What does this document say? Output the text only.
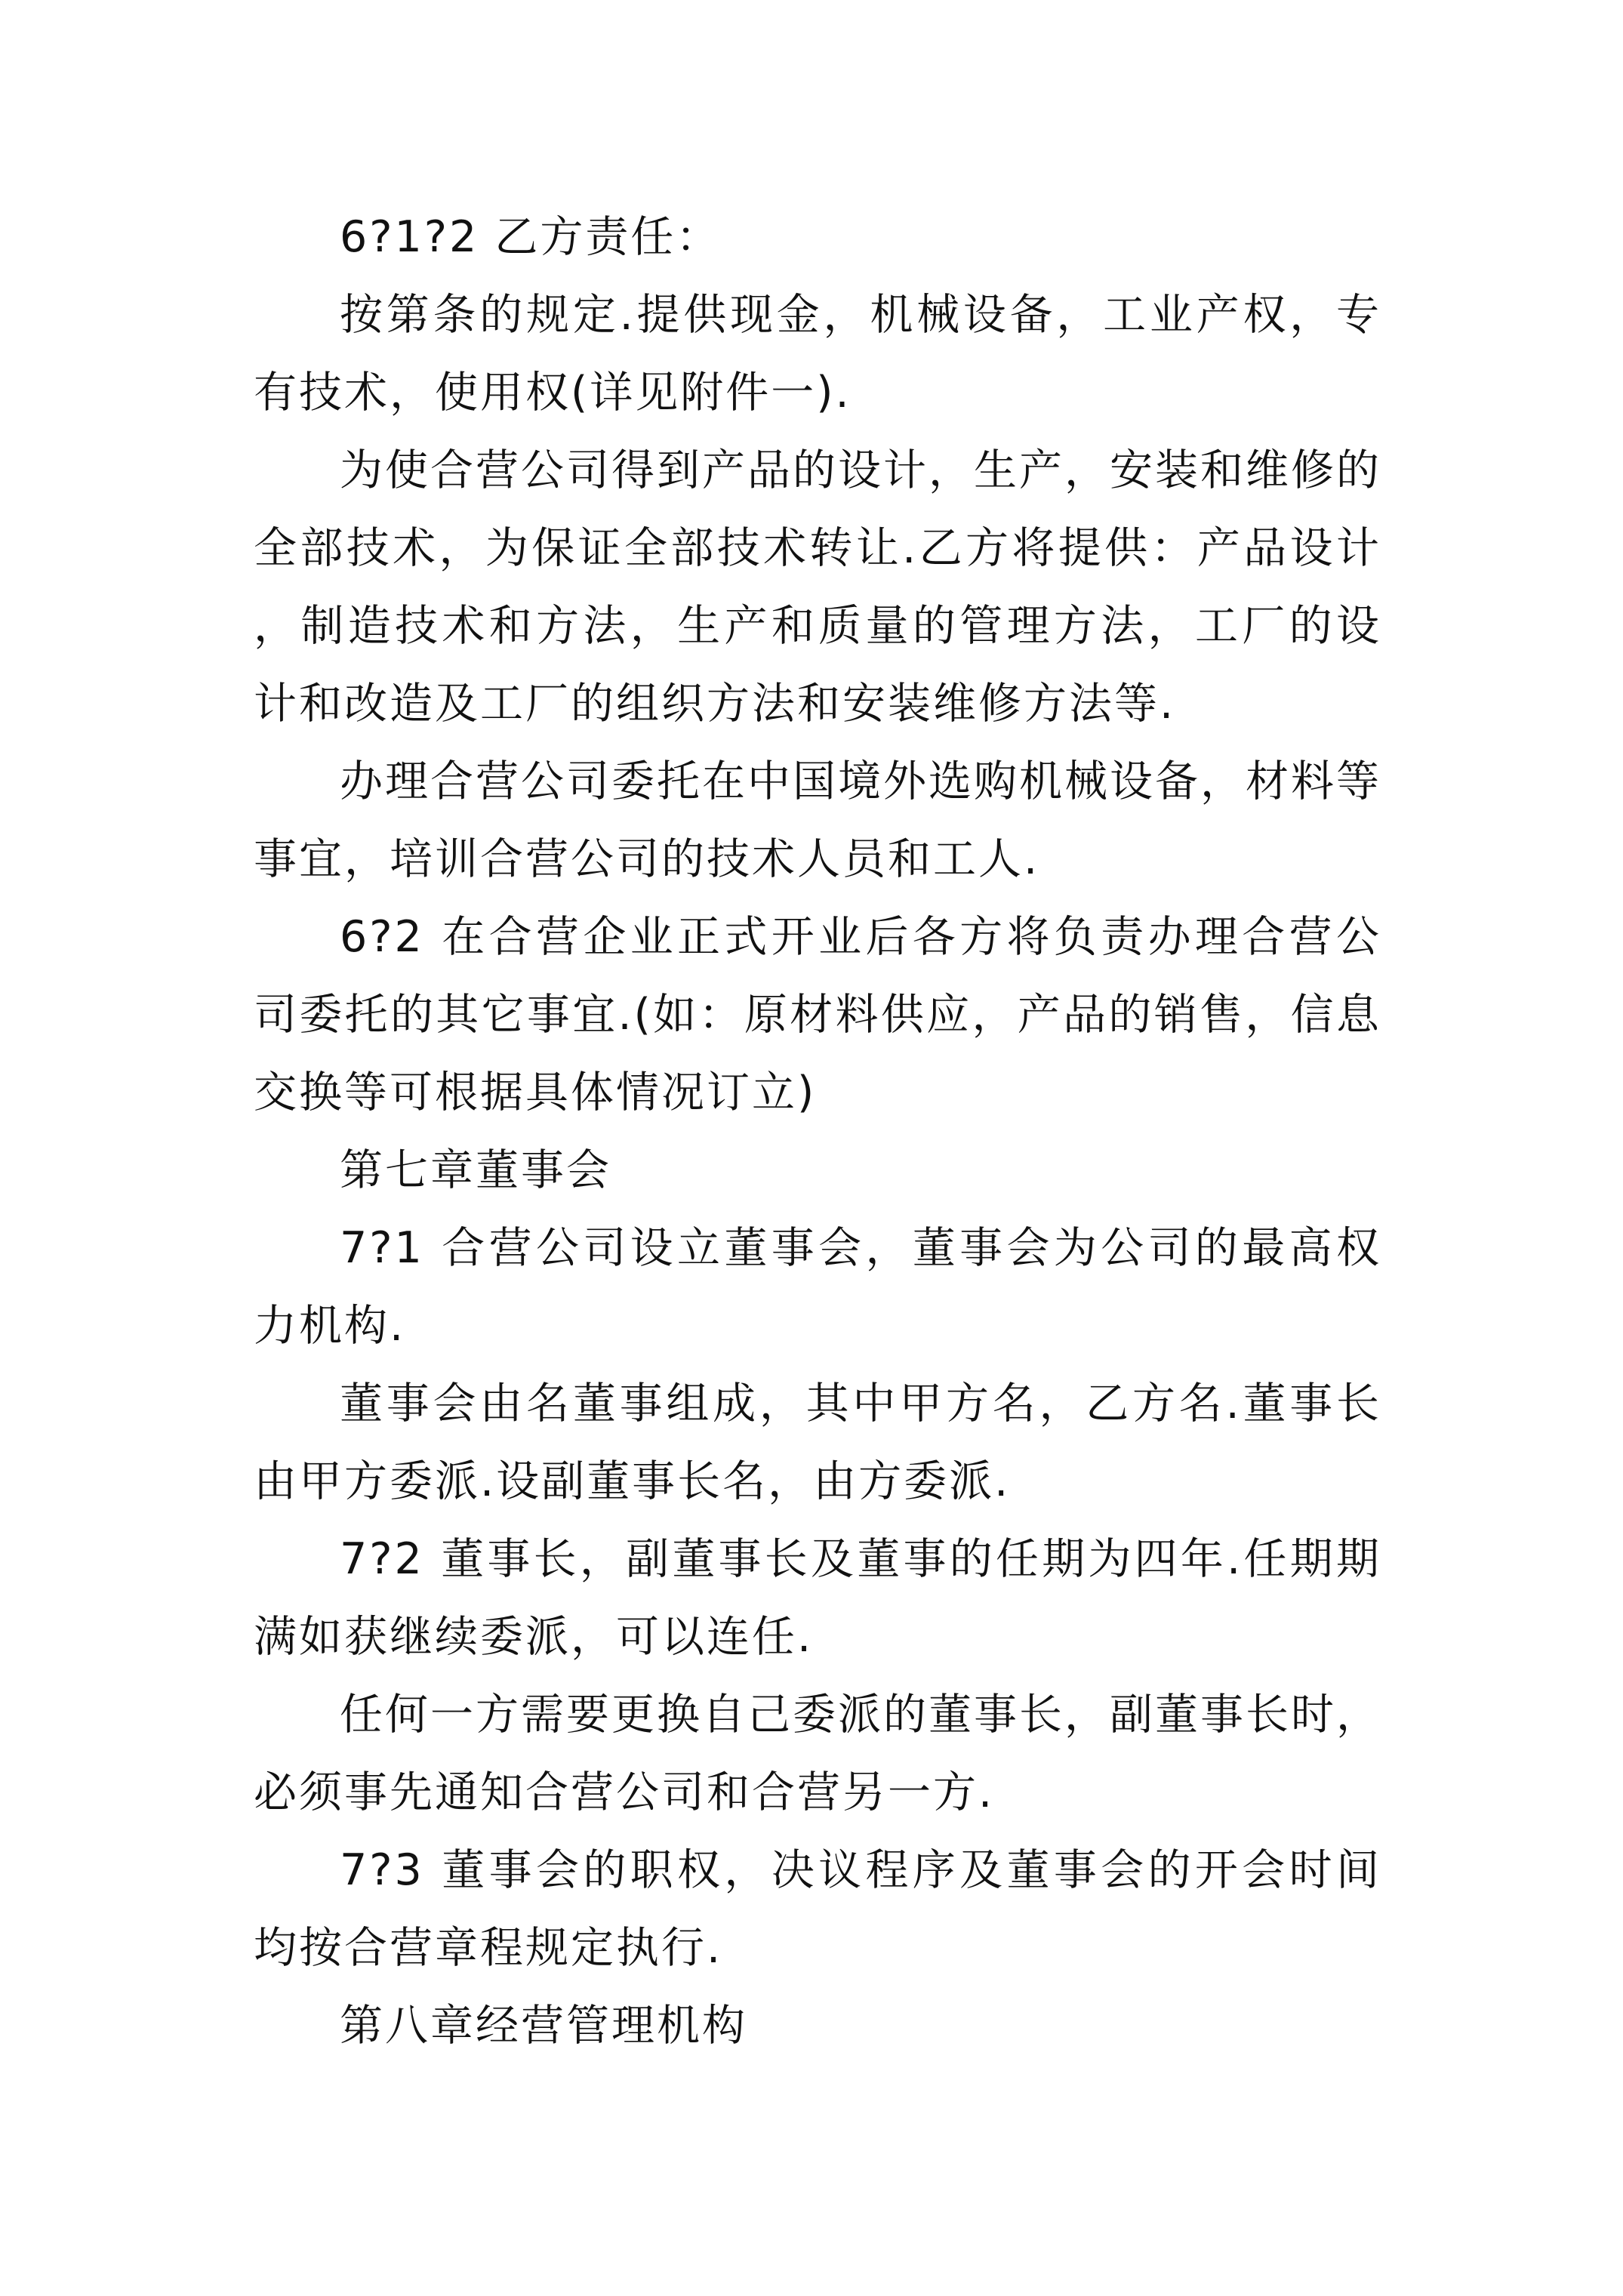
6?1?2 乙方责任：

按第条的规定.提供现金，机械设备，工业产权，专有技术，使用权(详见附件一).

为使合营公司得到产品的设计，生产，安装和维修的全部技术，为保证全部技术转让.乙方将提供：产品设计，制造技术和方法，生产和质量的管理方法，工厂的设计和改造及工厂的组织方法和安装维修方法等.

办理合营公司委托在中国境外选购机械设备，材料等事宜，培训合营公司的技术人员和工人.

6?2 在合营企业正式开业后各方将负责办理合营公司委托的其它事宜.(如：原材料供应，产品的销售，信息交换等可根据具体情况订立)

第七章董事会

7?1 合营公司设立董事会，董事会为公司的最高权力机构.

董事会由名董事组成，其中甲方名，乙方名.董事长由甲方委派.设副董事长名，由方委派.

7?2 董事长，副董事长及董事的任期为四年.任期期满如获继续委派，可以连任.

任何一方需要更换自己委派的董事长，副董事长时，必须事先通知合营公司和合营另一方.

7?3 董事会的职权，决议程序及董事会的开会时间均按合营章程规定执行.

第八章经营管理机构
